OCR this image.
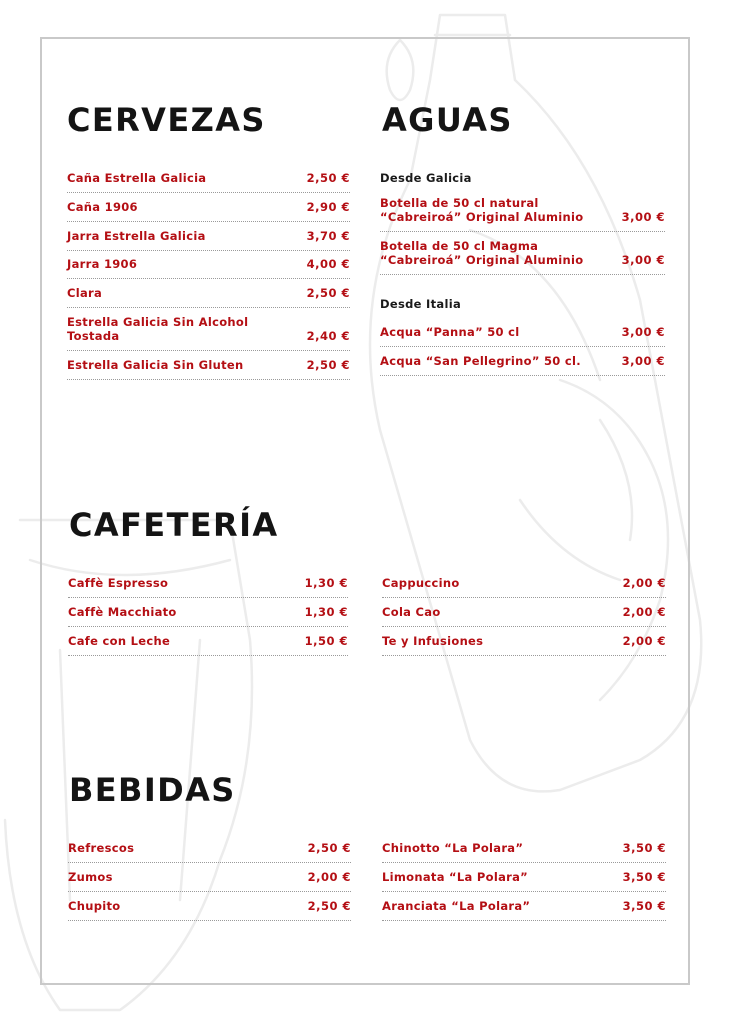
CERVEZAS
Caña Estrella Galicia	2,50 €
Caña 1906	2,90 €
Jarra Estrella Galicia	3,70 €
Jarra 1906	4,00 €
Clara	2,50 €
Estrella Galicia Sin Alcohol
Tostada	2,40 €
Estrella Galicia Sin Gluten	2,50 €
AGUAS

Desde Galicia

Botella de 50 cl natural
“Cabreiroá” Original Aluminio	3,00 €
Botella de 50 cl Magma
“Cabreiroá” Original Aluminio	3,00 €

Desde Italia

Acqua “Panna” 50 cl	3,00 €
Acqua “San Pellegrino” 50 cl.	3,00 €
CAFETERÍA
Caffè Espresso	1,30 €
Caffè Macchiato	1,30 €
Cafe con Leche	1,50 €
Cappuccino	2,00 €
Cola Cao	2,00 €
Te y Infusiones	2,00 €
BEBIDAS
Refrescos	2,50 €
Zumos	2,00 €
Chupito	2,50 €
Chinotto “La Polara”	3,50 €
Limonata “La Polara”	3,50 €
Aranciata “La Polara”	3,50 €
